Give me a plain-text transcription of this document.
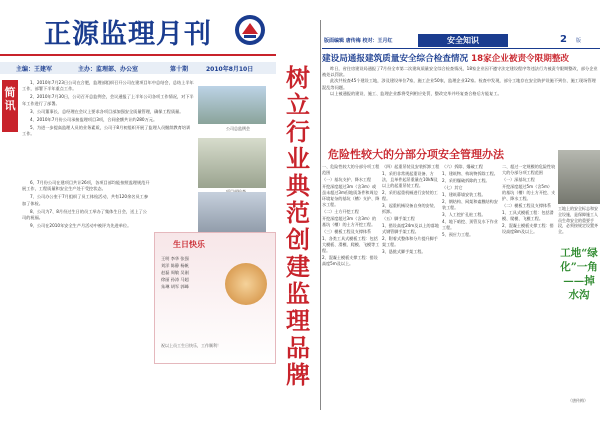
正源监理月刊
主编：王建军	主办：监理部、办公室	第十期	2010年8月10日
简讯

1、2010年7月23日公司在合肥，监理部组织召开公司在建项目年中总结会，总结上半年工作，部署下半年重点工作。

2、2010年7月30日，公司召开总监例会，会议通报了上半年公司各项工作情况，对下半年工作进行了部署。

3、公司董事长、总经理在会议上要求各项目部加强安全质量管理，确保工程质量。

4、2010年7月份公司承接监理项目3项，合同金额共计约280万元。

5、为进一步提高监理人员的业务素质，公司于8月初组织开展了监理人员继续教育培训工作。

6、7月份公司在建项目共计26项，各项目部均能按照监理规范开展工作，工程质量和安全生产处于受控状态。

7、公司办公室于7月组织了员工体检活动，共有120余名员工参加了体检。

8、公司为7、8月份过生日的员工举办了集体生日会，送上了公司的祝福。

9、公司在2010年安全生产月活动中被评为先进单位。

公司总监例会
生日快乐
王明 李华 张强
刘洋 陈静 杨帆
赵磊 周敏 吴刚
徐丽 孙涛 马超
朱琳 胡军 郭峰
祝以上员工生日快乐，工作顺利！
树立行业典范 创建监理品牌
版面编辑 唐传梅 校对：王月红	安全知识	2 版
建设局通报建筑质量安全综合检查情况 18家企业被责令限期整改

昨日，省住房建设局通报了7月份全市第二次建筑质量安全综合检查情况，18家企业因不遵守法定建设程序等违法行为被责令限期整改，部分企业被处以罚款。

此次共检查45个建设工地，涉及建设单位7家，施工企业50家，监理企业32家。检查中发现，部分工地存在安全防护设施不到位、施工现场管理混乱等问题。

以上被通报的建设、施工、监理企业都将受到相应处罚，整改完毕并经复查合格后方能复工。

危险性较大的分部分项安全管理办法

一、危险性较大的分部分项工程范围

（一）基坑支护、降水工程

开挖深度超过3m（含3m）或虽未超过3m但地质条件和周边环境复杂的基坑（槽）支护、降水工程。

（二）土方开挖工程

开挖深度超过3m（含3m）的基坑（槽）的土方开挖工程。

（三）模板工程及支撑体系

1、各类工具式模板工程：包括大模板、滑模、爬模、飞模等工程。

2、混凝土模板支撑工程：搭设高度5m及以上。

（四）起重吊装及安装拆卸工程

1、采用非常规起重设备、方法，且单件起吊重量在10kN及以上的起重吊装工程。

2、采用起重机械进行安装的工程。

3、起重机械设备自身的安装、拆卸。

（五）脚手架工程

1、搭设高度24m及以上的落地式钢管脚手架工程。

2、附着式整体和分片提升脚手架工程。

3、悬挑式脚手架工程。

（六）拆除、爆破工程

1、建筑物、构筑物拆除工程。

2、采用爆破拆除的工程。

（七）其它

1、建筑幕墙安装工程。

2、钢结构、网架和索膜结构安装工程。

3、人工挖扩孔桩工程。

4、地下暗挖、顶管及水下作业工程。

5、预应力工程。

二、超过一定规模的危险性较大的分部分项工程范围

（一）深基坑工程

开挖深度超过5m（含5m）的基坑（槽）的土方开挖、支护、降水工程。

（二）模板工程及支撑体系

1、工具式模板工程：包括滑模、爬模、飞模工程。

2、混凝土模板支撑工程：搭设高度8m及以上。

工地上的安全标志和安全设施，是保障施工人员生命安全的重要手段，必须按规定设置齐全。
工地“绿化”一角——掉水沟
（唐传梅）
